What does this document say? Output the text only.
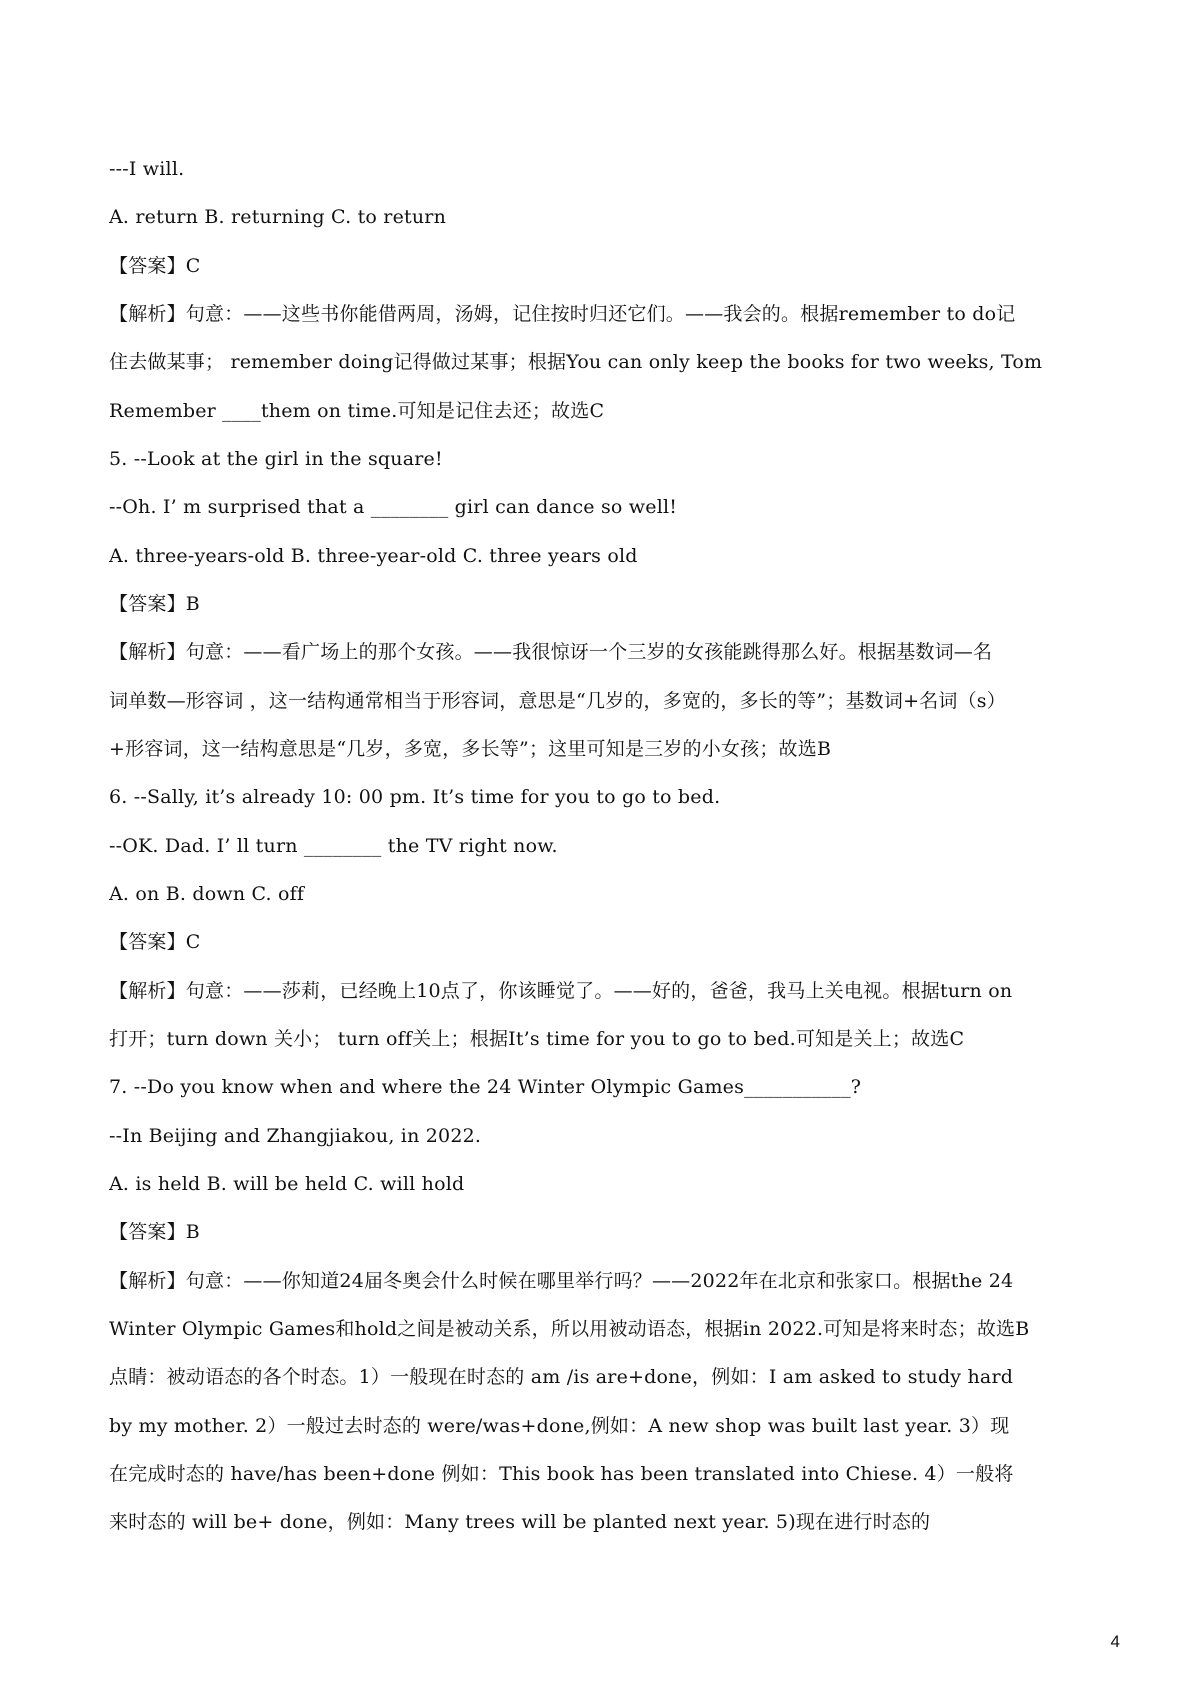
---I will.
A. return B. returning C. to return
【答案】C
【解析】句意：——这些书你能借两周，汤姆，记住按时归还它们。——我会的。根据remember to do记
住去做某事； remember doing记得做过某事；根据You can only keep the books for two weeks, Tom
Remember ____them on time.可知是记住去还；故选C
5. --Look at the girl in the square!
--Oh. I’ m surprised that a ________ girl can dance so well!
A. three-years-old B. three-year-old C. three years old
【答案】B
【解析】句意：——看广场上的那个女孩。——我很惊讶一个三岁的女孩能跳得那么好。根据基数词—名
词单数—形容词 ，这一结构通常相当于形容词，意思是“几岁的，多宽的，多长的等”；基数词+名词（s）
+形容词，这一结构意思是“几岁，多宽，多长等”；这里可知是三岁的小女孩；故选B
6. --Sally, it’s already 10: 00 pm. It’s time for you to go to bed.
--OK. Dad. I’ ll turn ________ the TV right now.
A. on B. down C. off
【答案】C
【解析】句意：——莎莉，已经晚上10点了，你该睡觉了。——好的，爸爸，我马上关电视。根据turn on
打开；turn down 关小； turn off关上；根据It’s time for you to go to bed.可知是关上；故选C
7. --Do you know when and where the 24 Winter Olympic Games___________?
--In Beijing and Zhangjiakou, in 2022.
A. is held B. will be held C. will hold
【答案】B
【解析】句意：——你知道24届冬奥会什么时候在哪里举行吗？——2022年在北京和张家口。根据the 24
Winter Olympic Games和hold之间是被动关系，所以用被动语态，根据in 2022.可知是将来时态；故选B
点睛：被动语态的各个时态。1）一般现在时态的 am /is are+done，例如：I am asked to study hard
by my mother. 2）一般过去时态的 were/was+done,例如：A new shop was built last year. 3）现
在完成时态的 have/has been+done 例如：This book has been translated into Chiese. 4）一般将
来时态的 will be+ done，例如：Many trees will be planted next year. 5)现在进行时态的
4
